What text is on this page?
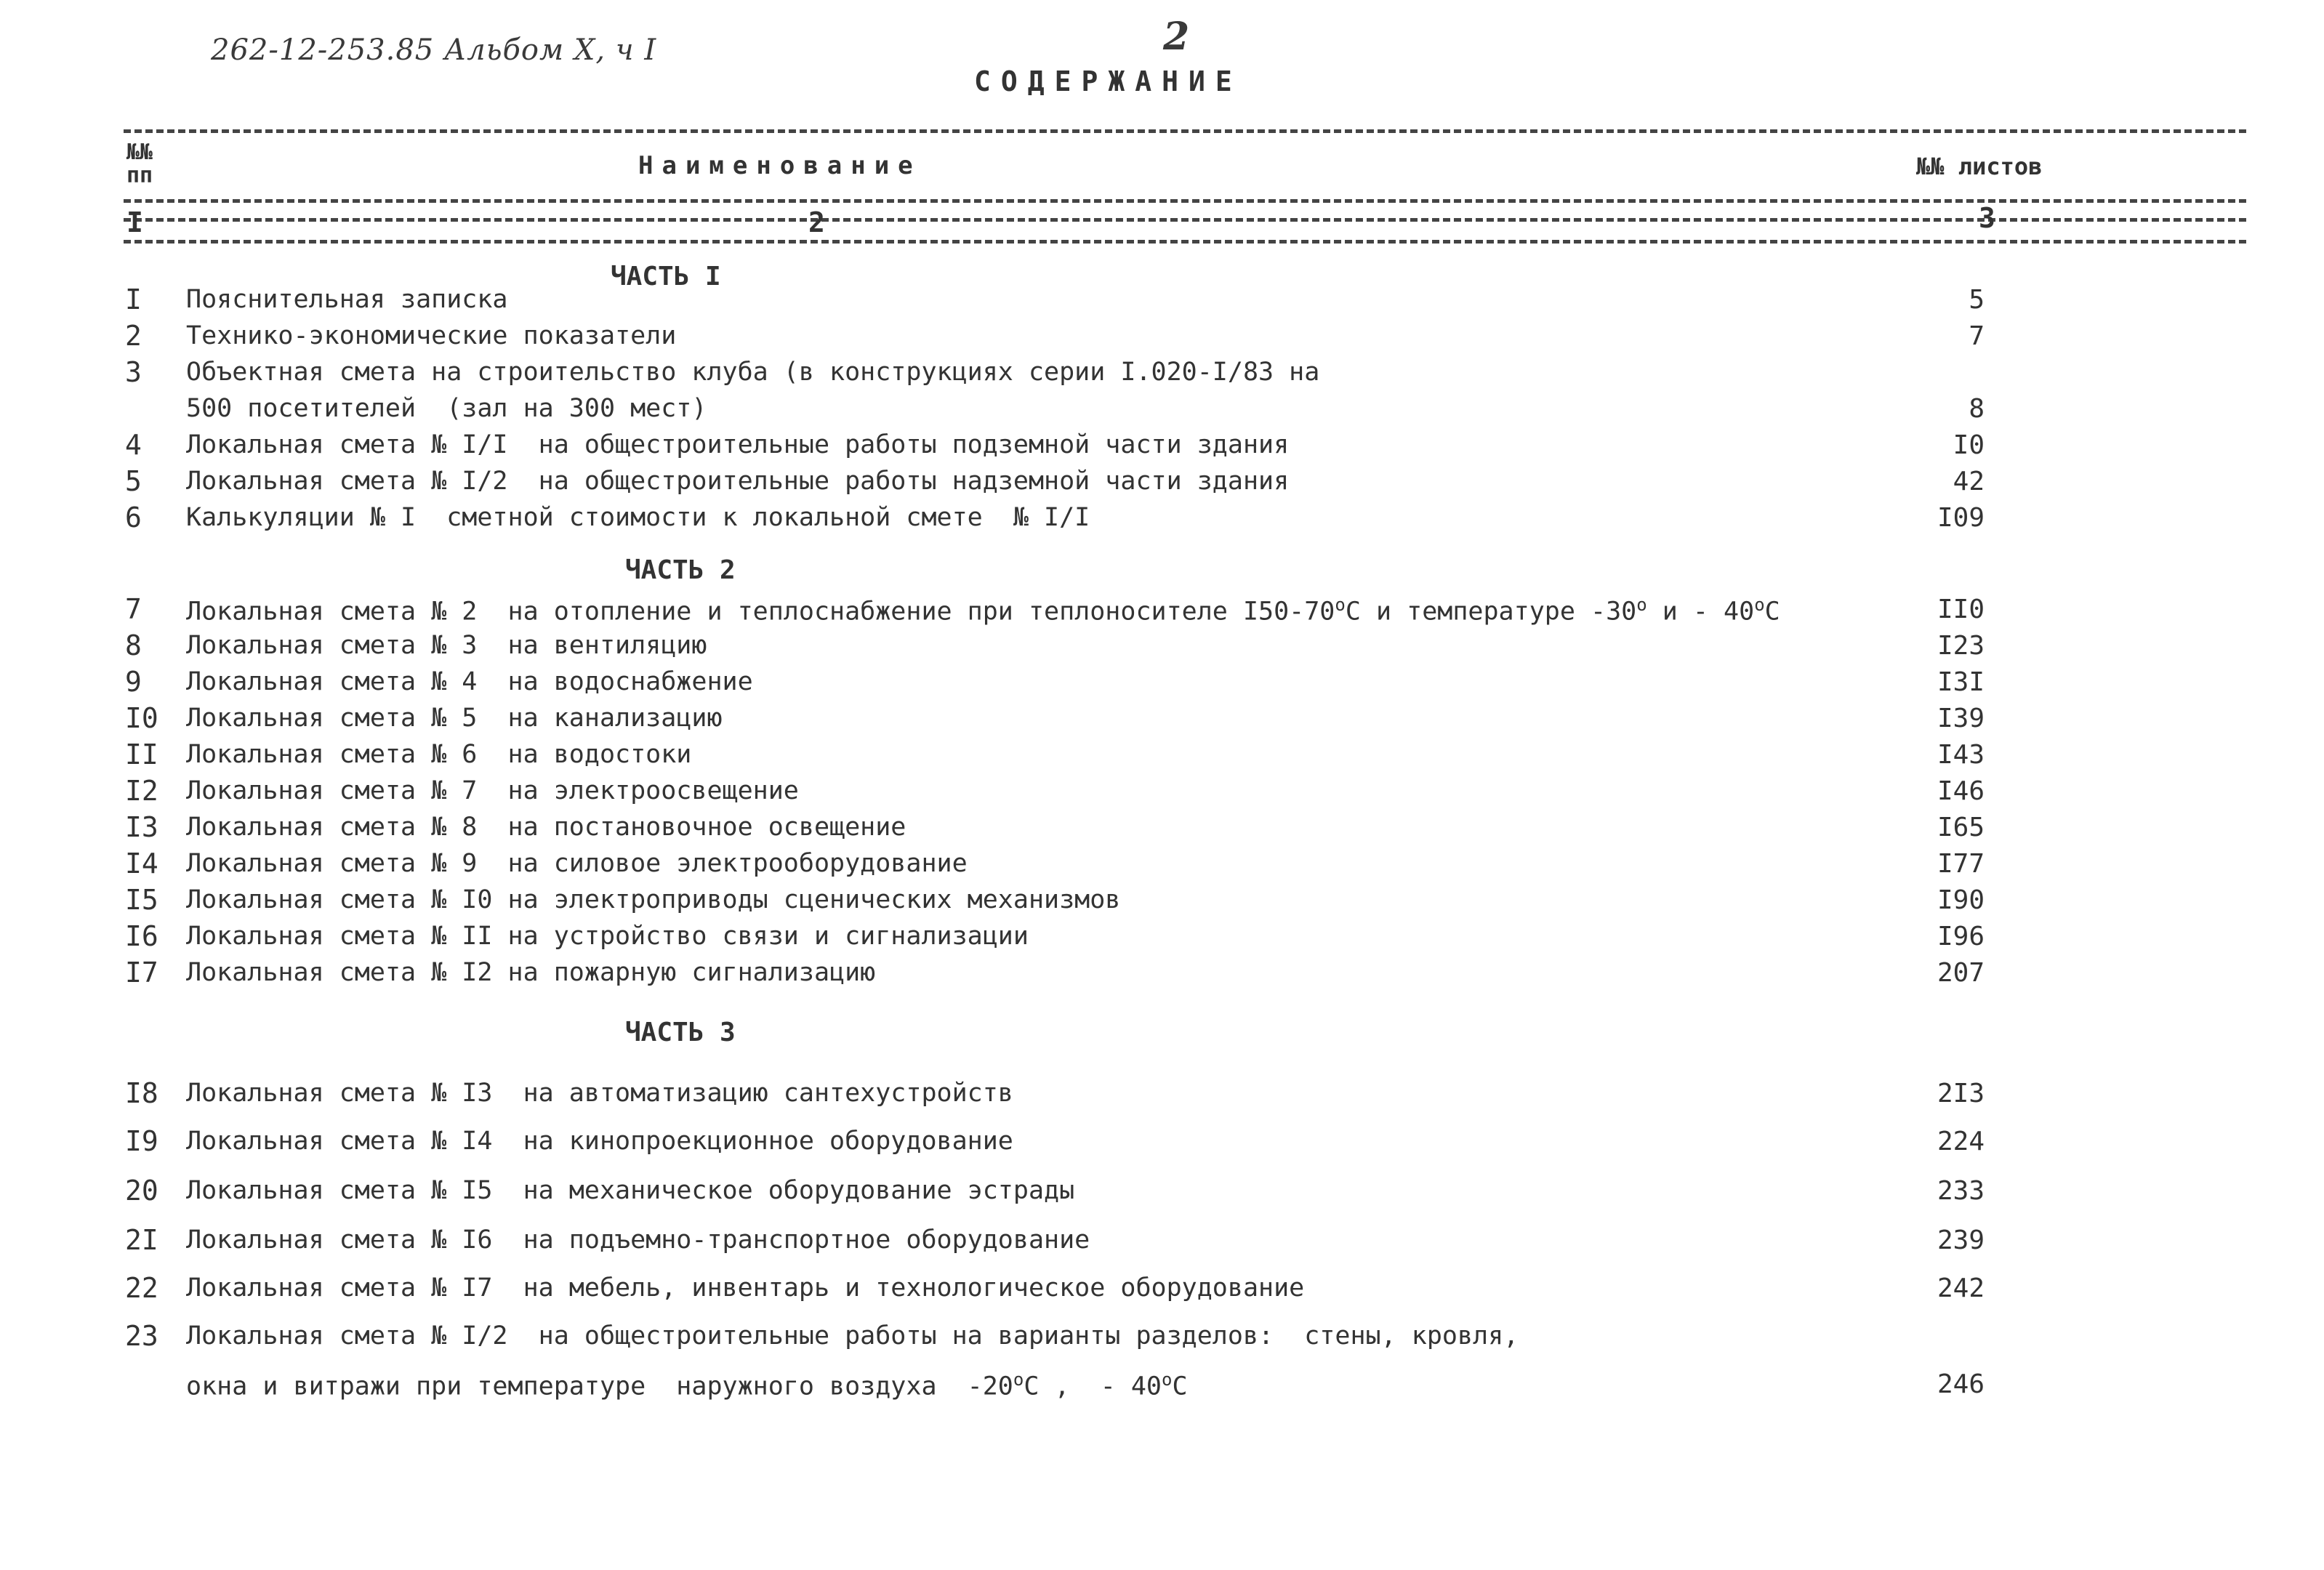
262-12-253.85 Альбом Х, ч I	2
СОДЕРЖАНИЕ
№№
пп	Наименование	№№ листов
I	2	3
ЧАСТЬ I
I	Пояснительная записка	5
2	Технико-экономические показатели	7
3	Объектная смета на строительство клуба (в конструкциях серии I.020-I/83 на
500 посетителей  (зал на 300 мест)	8
4	Локальная смета № I/I  на общестроительные работы подземной части здания	I0
5	Локальная смета № I/2  на общестроительные работы надземной части здания	42
6	Калькуляции № I  сметной стоимости к локальной смете  № I/I	I09
ЧАСТЬ 2
7	Локальная смета № 2  на отопление и теплоснабжение при теплоносителе I50-70$^o$С и температуре -30$^o$ и - 40$^o$С	II0
8	Локальная смета № 3  на вентиляцию	I23
9	Локальная смета № 4  на водоснабжение	I3I
I0	Локальная смета № 5  на канализацию	I39
II	Локальная смета № 6  на водостоки	I43
I2	Локальная смета № 7  на электроосвещение	I46
I3	Локальная смета № 8  на постановочное освещение	I65
I4	Локальная смета № 9  на силовое электрооборудование	I77
I5	Локальная смета № I0 на электроприводы сценических механизмов	I90
I6	Локальная смета № II на устройство связи и сигнализации	I96
I7	Локальная смета № I2 на пожарную сигнализацию	207
ЧАСТЬ 3
I8	Локальная смета № I3  на автоматизацию сантехустройств	2I3
I9	Локальная смета № I4  на кинопроекционное оборудование	224
20	Локальная смета № I5  на механическое оборудование эстрады	233
2I	Локальная смета № I6  на подъемно-транспортное оборудование	239
22	Локальная смета № I7  на мебель, инвентарь и технологическое оборудование	242
23	Локальная смета № I/2  на общестроительные работы на варианты разделов:  стены, кровля,
окна и витражи при температуре  наружного воздуха  -20$^o$С ,  - 40$^o$С	246
